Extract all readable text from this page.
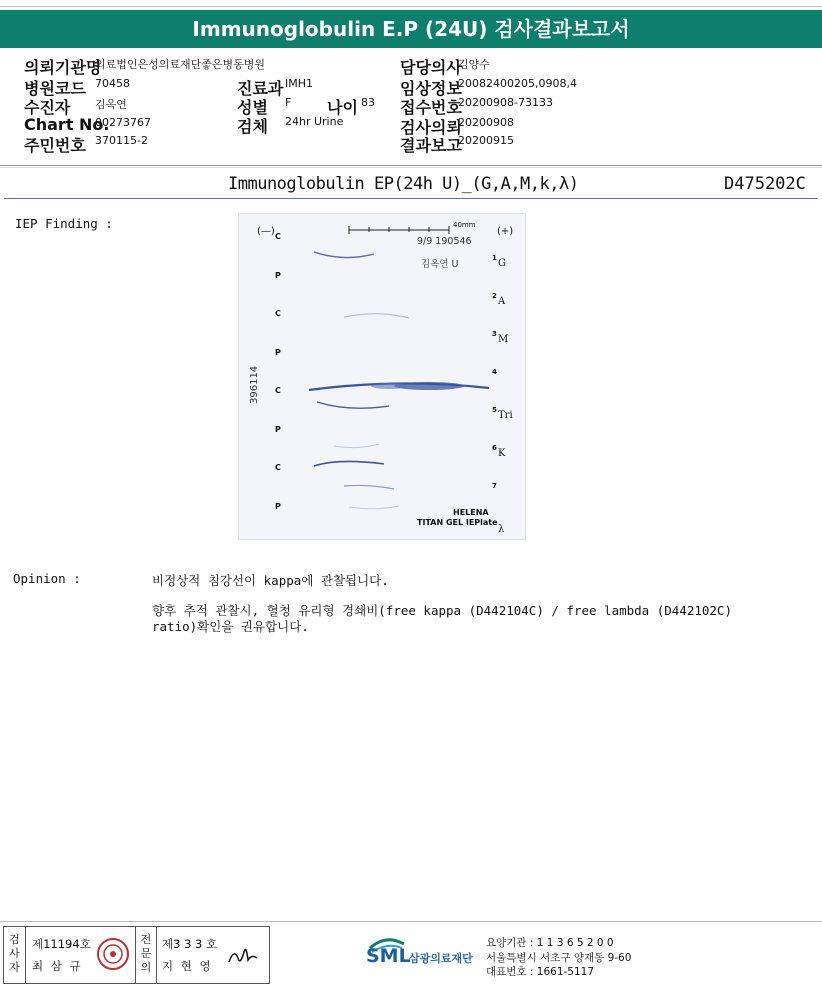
Immunoglobulin E.P (24U) 검사결과보고서
의뢰기관명
의료법인은성의료재단좋은병동병원
병원코드 70458
수진자 김옥연
Chart No.
00273767
주민번호 370115-2
진료과 IMH1
성별 F 나이 83
검체 24hr Urine
담당의사
김양수
임상정보
20082400205,0908,4
접수번호
20200908-73133
검사의뢰
20200908
결과보고
20200915
Immunoglobulin EP(24h U)_(G,A,M,k,λ)	D475202C
IEP Finding :
(—)	(+)
40mm
9/9 190546
김옥연 U
396114
C
P
C
P
C
P
C
P
1 G
2 A
3 M
4
5 Tri
6 K
7
λ
HELENA
TITAN GEL IEPlate
Opinion :	비정상적 침강선이 kappa에 관찰됩니다.
향후 추적 관찰시, 혈청 유리형 경쇄비(free kappa (D442104C) / free lambda (D442102C)
ratio)확인을 권유합니다.
검사자
제11194호
최 삼 규
전문의
제3 3 3 호
지 현 영	SML
삼광의료재단
요양기관 : 1 1 3 6 5 2 0 0
서울특별시 서초구 양재동 9-60
대표번호 : 1661-5117
